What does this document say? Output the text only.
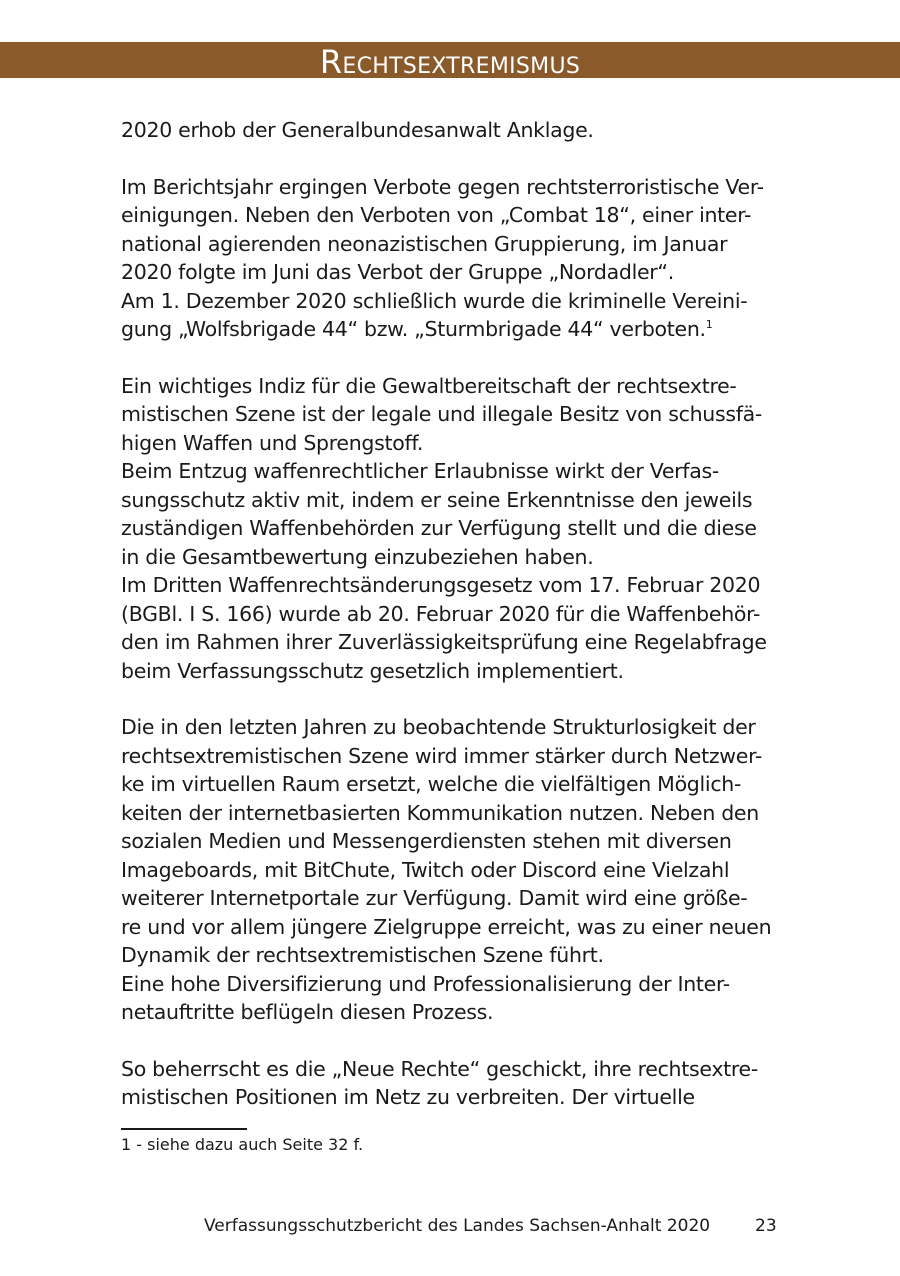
Rechtsextremismus
2020 erhob der Generalbundesanwalt Anklage.
Im Berichtsjahr ergingen Verbote gegen rechtsterroristische Ver-
einigungen. Neben den Verboten von „Combat 18“, einer inter-
national agierenden neonazistischen Gruppierung, im Januar
2020 folgte im Juni das Verbot der Gruppe „Nordadler“.
Am 1. Dezember 2020 schließlich wurde die kriminelle Vereini-
gung „Wolfsbrigade 44“ bzw. „Sturmbrigade 44“ verboten.$^1$
Ein wichtiges Indiz für die Gewaltbereitschaft der rechtsextre-
mistischen Szene ist der legale und illegale Besitz von schussfä-
higen Waffen und Sprengstoff.
Beim Entzug waffenrechtlicher Erlaubnisse wirkt der Verfas-
sungsschutz aktiv mit, indem er seine Erkenntnisse den jeweils
zuständigen Waffenbehörden zur Verfügung stellt und die diese
in die Gesamtbewertung einzubeziehen haben.
Im Dritten Waffenrechtsänderungsgesetz vom 17. Februar 2020
(BGBl. I S. 166) wurde ab 20. Februar 2020 für die Waffenbehör-
den im Rahmen ihrer Zuverlässigkeitsprüfung eine Regelabfrage
beim Verfassungsschutz gesetzlich implementiert.
Die in den letzten Jahren zu beobachtende Strukturlosigkeit der
rechtsextremistischen Szene wird immer stärker durch Netzwer-
ke im virtuellen Raum ersetzt, welche die vielfältigen Möglich-
keiten der internetbasierten Kommunikation nutzen. Neben den
sozialen Medien und Messengerdiensten stehen mit diversen
Imageboards, mit BitChute, Twitch oder Discord eine Vielzahl
weiterer Internetportale zur Verfügung. Damit wird eine größe-
re und vor allem jüngere Zielgruppe erreicht, was zu einer neuen
Dynamik der rechtsextremistischen Szene führt.
Eine hohe Diversifizierung und Professionalisierung der Inter-
netauftritte beflügeln diesen Prozess.
So beherrscht es die „Neue Rechte“ geschickt, ihre rechtsextre-
mistischen Positionen im Netz zu verbreiten. Der virtuelle
1 - siehe dazu auch Seite 32 f.
Verfassungsschutzbericht des Landes Sachsen-Anhalt 2020	23
